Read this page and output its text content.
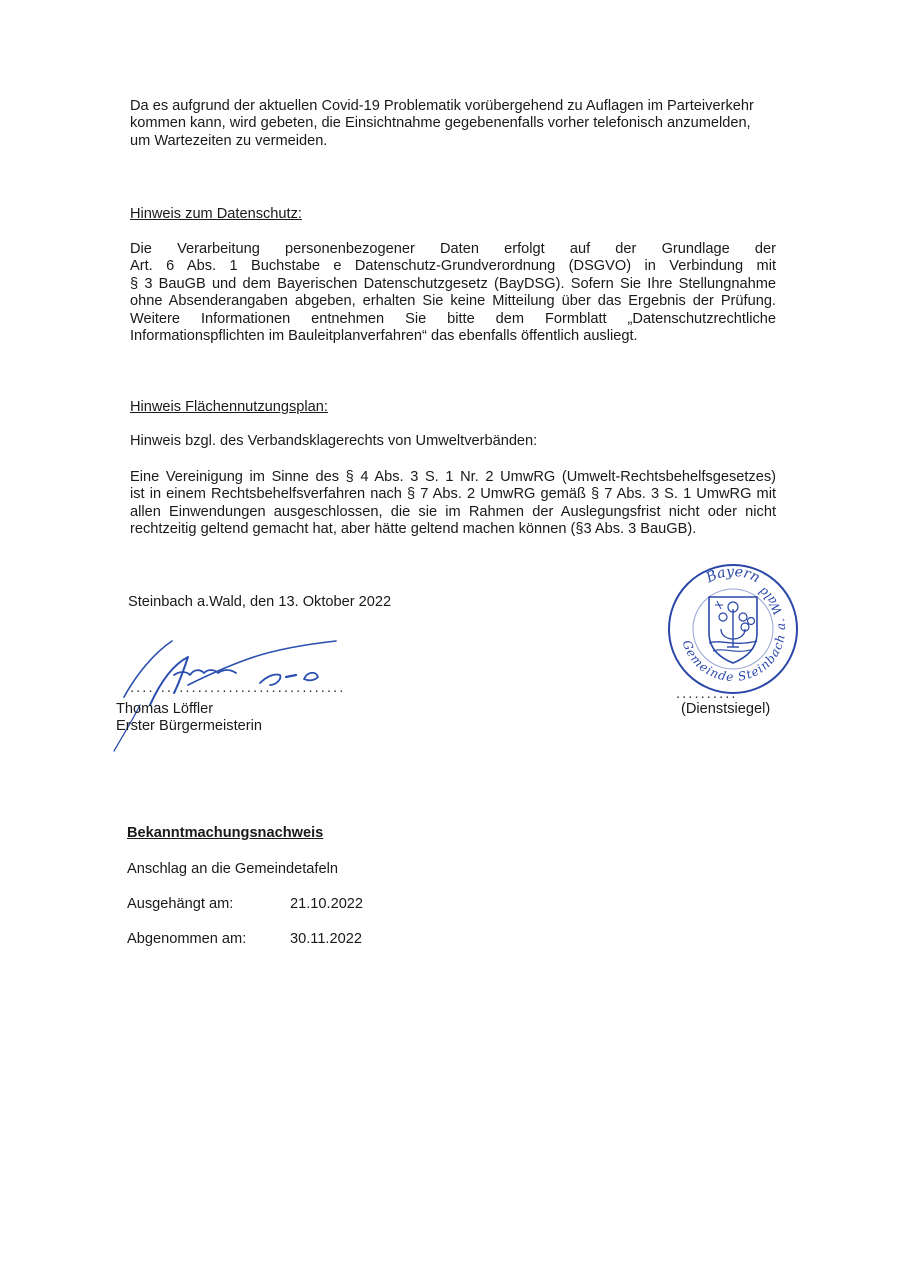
Da es aufgrund der aktuellen Covid-19 Problematik vorübergehend zu Auflagen im Parteiverkehr
kommen kann, wird gebeten, die Einsichtnahme gegebenenfalls vorher telefonisch anzumelden,
um Wartezeiten zu vermeiden.

Hinweis zum Datenschutz:

Die Verarbeitung personenbezogener Daten erfolgt auf der Grundlage der
Art. 6 Abs. 1 Buchstabe e Datenschutz-Grundverordnung (DSGVO) in Verbindung mit
§ 3 BauGB und dem Bayerischen Datenschutzgesetz (BayDSG). Sofern Sie Ihre Stellungnahme
ohne Absenderangaben abgeben, erhalten Sie keine Mitteilung über das Ergebnis der Prüfung.
Weitere Informationen entnehmen Sie bitte dem Formblatt „Datenschutzrechtliche
Informationspflichten im Bauleitplanverfahren“ das ebenfalls öffentlich ausliegt.

Hinweis Flächennutzungsplan:

Hinweis bzgl. des Verbandsklagerechts von Umweltverbänden:

Eine Vereinigung im Sinne des § 4 Abs. 3 S. 1 Nr. 2 UmwRG (Umwelt-Rechtsbehelfsgesetzes)
ist in einem Rechtsbehelfsverfahren nach § 7 Abs. 2 UmwRG gemäß § 7 Abs. 3 S. 1 UmwRG mit
allen Einwendungen ausgeschlossen, die sie im Rahmen der Auslegungsfrist nicht oder nicht
rechtzeitig geltend gemacht hat, aber hätte geltend machen können (§3 Abs. 3 BauGB).

Steinbach a.Wald, den 13. Oktober 2022

...................................

Thomas Löffler

Erster Bürgermeisterin

Bayern
Gemeinde Steinbach a. Wald
..........

(Dienstsiegel)

Bekanntmachungsnachweis

Anschlag an die Gemeindetafeln

Ausgehängt am:	21.10.2022

Abgenommen am:	30.11.2022
